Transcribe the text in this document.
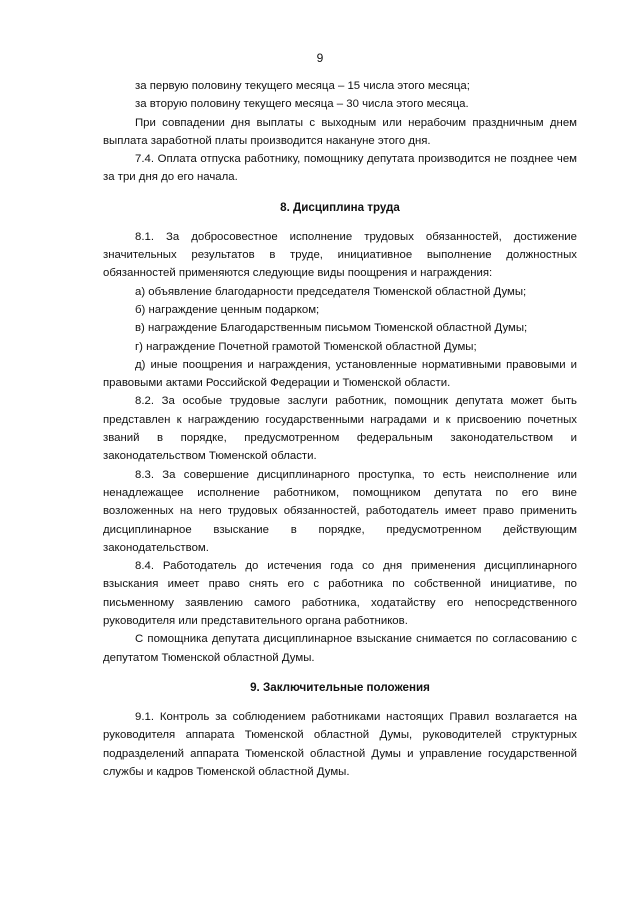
9

за первую половину текущего месяца – 15 числа этого месяца;

за вторую половину текущего месяца – 30 числа этого месяца.

При совпадении дня выплаты с выходным или нерабочим праздничным днем выплата заработной платы производится накануне этого дня.

7.4. Оплата отпуска работнику, помощнику депутата производится не позднее чем за три дня до его начала.

8. Дисциплина труда

8.1. За добросовестное исполнение трудовых обязанностей, достижение значительных результатов в труде, инициативное выполнение должностных обязанностей применяются следующие виды поощрения и награждения:

а) объявление благодарности председателя Тюменской областной Думы;

б) награждение ценным подарком;

в) награждение Благодарственным письмом Тюменской областной Думы;

г) награждение Почетной грамотой Тюменской областной Думы;

д) иные поощрения и награждения, установленные нормативными правовыми и правовыми актами Российской Федерации и Тюменской области.

8.2. За особые трудовые заслуги работник, помощник депутата может быть представлен к награждению государственными наградами и к присвоению почетных званий в порядке, предусмотренном федеральным законодательством и законодательством Тюменской области.

8.3. За совершение дисциплинарного проступка, то есть неисполнение или ненадлежащее исполнение работником, помощником депутата по его вине возложенных на него трудовых обязанностей, работодатель имеет право применить дисциплинарное взыскание в порядке, предусмотренном действующим законодательством.

8.4. Работодатель до истечения года со дня применения дисциплинарного взыскания имеет право снять его с работника по собственной инициативе, по письменному заявлению самого работника, ходатайству его непосредственного руководителя или представительного органа работников.

С помощника депутата дисциплинарное взыскание снимается по согласованию с депутатом Тюменской областной Думы.

9. Заключительные положения

9.1. Контроль за соблюдением работниками настоящих Правил возлагается на руководителя аппарата Тюменской областной Думы, руководителей структурных подразделений аппарата Тюменской областной Думы и управление государственной службы и кадров Тюменской областной Думы.
